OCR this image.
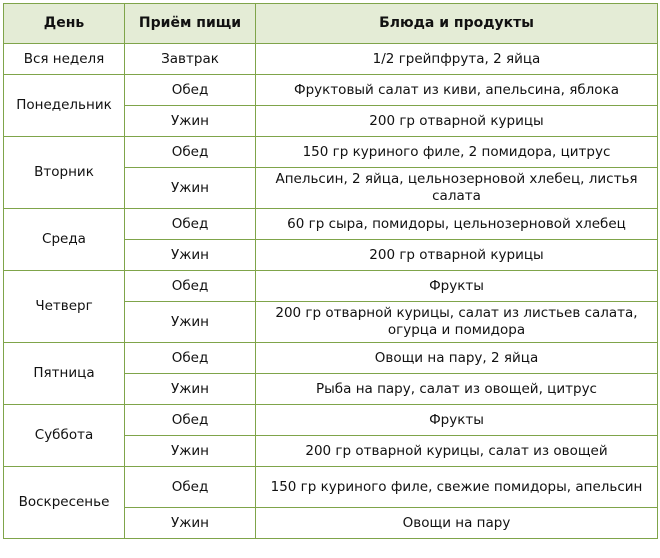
День	Приём пищи	Блюда и продукты
Вся неделя	Завтрак	1/2 грейпфрута, 2 яйца
Понедельник	Обед	Фруктовый салат из киви, апельсина, яблока
	Ужин	200 гр отварной курицы
Вторник	Обед	150 гр куриного филе, 2 помидора, цитрус
	Ужин	Апельсин, 2 яйца, цельнозерновой хлебец, листья салата
Среда	Обед	60 гр сыра, помидоры, цельнозерновой хлебец
	Ужин	200 гр отварной курицы
Четверг	Обед	Фрукты
	Ужин	200 гр отварной курицы, салат из листьев салата, огурца и помидора
Пятница	Обед	Овощи на пару, 2 яйца
	Ужин	Рыба на пару, салат из овощей, цитрус
Суббота	Обед	Фрукты
	Ужин	200 гр отварной курицы, салат из овощей
Воскресенье	Обед	150 гр куриного филе, свежие помидоры, апельсин
	Ужин	Овощи на пару
